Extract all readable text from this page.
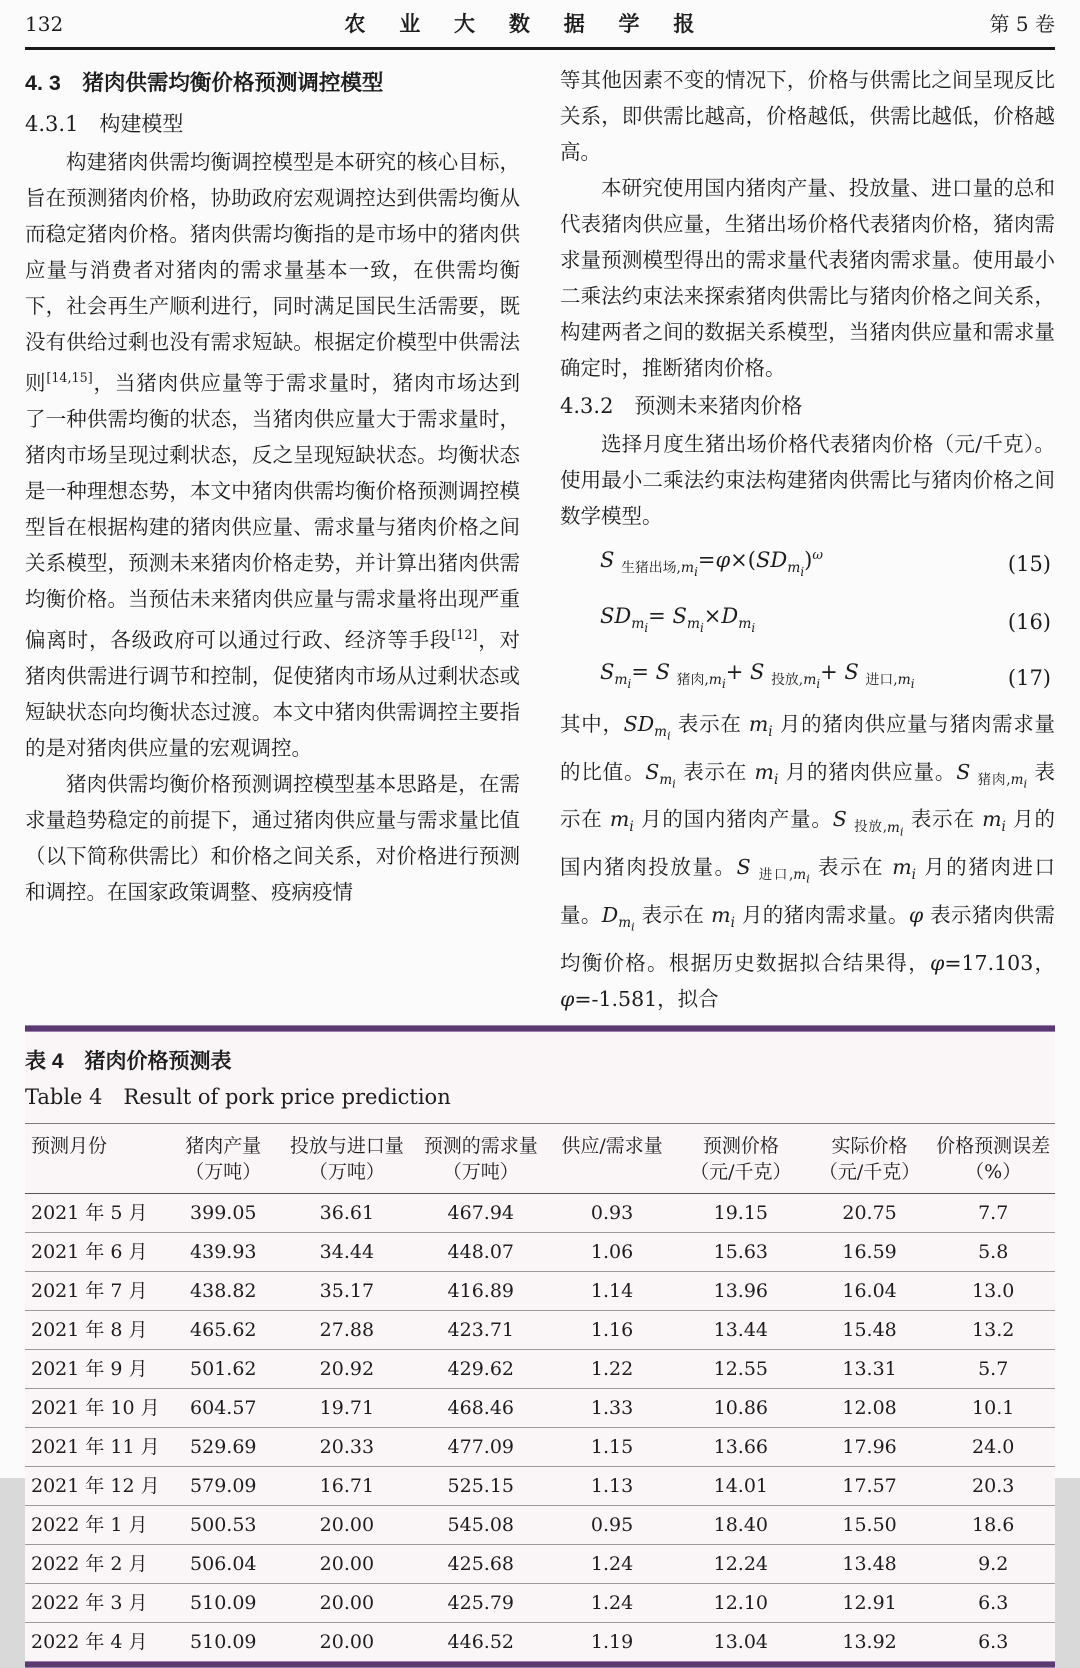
132	农 业 大 数 据 学 报	第 5 卷
4. 3　猪肉供需均衡价格预测调控模型
4.3.1　构建模型

构建猪肉供需均衡调控模型是本研究的核心目标，旨在预测猪肉价格，协助政府宏观调控达到供需均衡从而稳定猪肉价格。猪肉供需均衡指的是市场中的猪肉供应量与消费者对猪肉的需求量基本一致，在供需均衡下，社会再生产顺利进行，同时满足国民生活需要，既没有供给过剩也没有需求短缺。根据定价模型中供需法则[14,15]，当猪肉供应量等于需求量时，猪肉市场达到了一种供需均衡的状态，当猪肉供应量大于需求量时，猪肉市场呈现过剩状态，反之呈现短缺状态。均衡状态是一种理想态势，本文中猪肉供需均衡价格预测调控模型旨在根据构建的猪肉供应量、需求量与猪肉价格之间关系模型，预测未来猪肉价格走势，并计算出猪肉供需均衡价格。当预估未来猪肉供应量与需求量将出现严重偏离时，各级政府可以通过行政、经济等手段[12]，对猪肉供需进行调节和控制，促使猪肉市场从过剩状态或短缺状态向均衡状态过渡。本文中猪肉供需调控主要指的是对猪肉供应量的宏观调控。

猪肉供需均衡价格预测调控模型基本思路是，在需求量趋势稳定的前提下，通过猪肉供应量与需求量比值（以下简称供需比）和价格之间关系，对价格进行预测和调控。在国家政策调整、疫病疫情

等其他因素不变的情况下，价格与供需比之间呈现反比关系，即供需比越高，价格越低，供需比越低，价格越高。

本研究使用国内猪肉产量、投放量、进口量的总和代表猪肉供应量，生猪出场价格代表猪肉价格，猪肉需求量预测模型得出的需求量代表猪肉需求量。使用最小二乘法约束法来探索猪肉供需比与猪肉价格之间关系，构建两者之间的数据关系模型，当猪肉供应量和需求量确定时，推断猪肉价格。

4.3.2　预测未来猪肉价格

选择月度生猪出场价格代表猪肉价格（元/千克）。使用最小二乘法约束法构建猪肉供需比与猪肉价格之间数学模型。

S $_{生猪出场,m_i}=\varphi\times(SD_{m_i})^\omega$	(15)
$SD_{m_i}= S_{m_i}\times D_{m_i}$	(16)
$S_{m_i}= S$ $_{猪肉,m_i}$+ S $_{投放,m_i}$+ S $_{进口,m_i}$	(17)

其中，$SD_{m_i}$ 表示在 $m_i$ 月的猪肉供应量与猪肉需求量的比值。$S_{m_i}$ 表示在 $m_i$ 月的猪肉供应量。S $_{猪肉,m_i}$ 表示在 $m_i$ 月的国内猪肉产量。S $_{投放,m_i}$ 表示在 $m_i$ 月的国内猪肉投放量。S $_{进口,m_i}$ 表示在 $m_i$ 月的猪肉进口量。$D_{m_i}$ 表示在 $m_i$ 月的猪肉需求量。φ 表示猪肉供需均衡价格。根据历史数据拟合结果得，φ=17.103，φ=-1.581，拟合

表 4　猪肉价格预测表
Table 4　Result of pork price prediction
预测月份	猪肉产量	投放与进口量	预测的需求量	供应/需求量	预测价格	实际价格	价格预测误差
	（万吨）	（万吨）	（万吨）		（元/千克）	（元/千克）	（%）
2021 年 5 月	399.05	36.61	467.94	0.93	19.15	20.75	7.7
2021 年 6 月	439.93	34.44	448.07	1.06	15.63	16.59	5.8
2021 年 7 月	438.82	35.17	416.89	1.14	13.96	16.04	13.0
2021 年 8 月	465.62	27.88	423.71	1.16	13.44	15.48	13.2
2021 年 9 月	501.62	20.92	429.62	1.22	12.55	13.31	5.7
2021 年 10 月	604.57	19.71	468.46	1.33	10.86	12.08	10.1
2021 年 11 月	529.69	20.33	477.09	1.15	13.66	17.96	24.0
2021 年 12 月	579.09	16.71	525.15	1.13	14.01	17.57	20.3
2022 年 1 月	500.53	20.00	545.08	0.95	18.40	15.50	18.6
2022 年 2 月	506.04	20.00	425.68	1.24	12.24	13.48	9.2
2022 年 3 月	510.09	20.00	425.79	1.24	12.10	12.91	6.3
2022 年 4 月	510.09	20.00	446.52	1.19	13.04	13.92	6.3
